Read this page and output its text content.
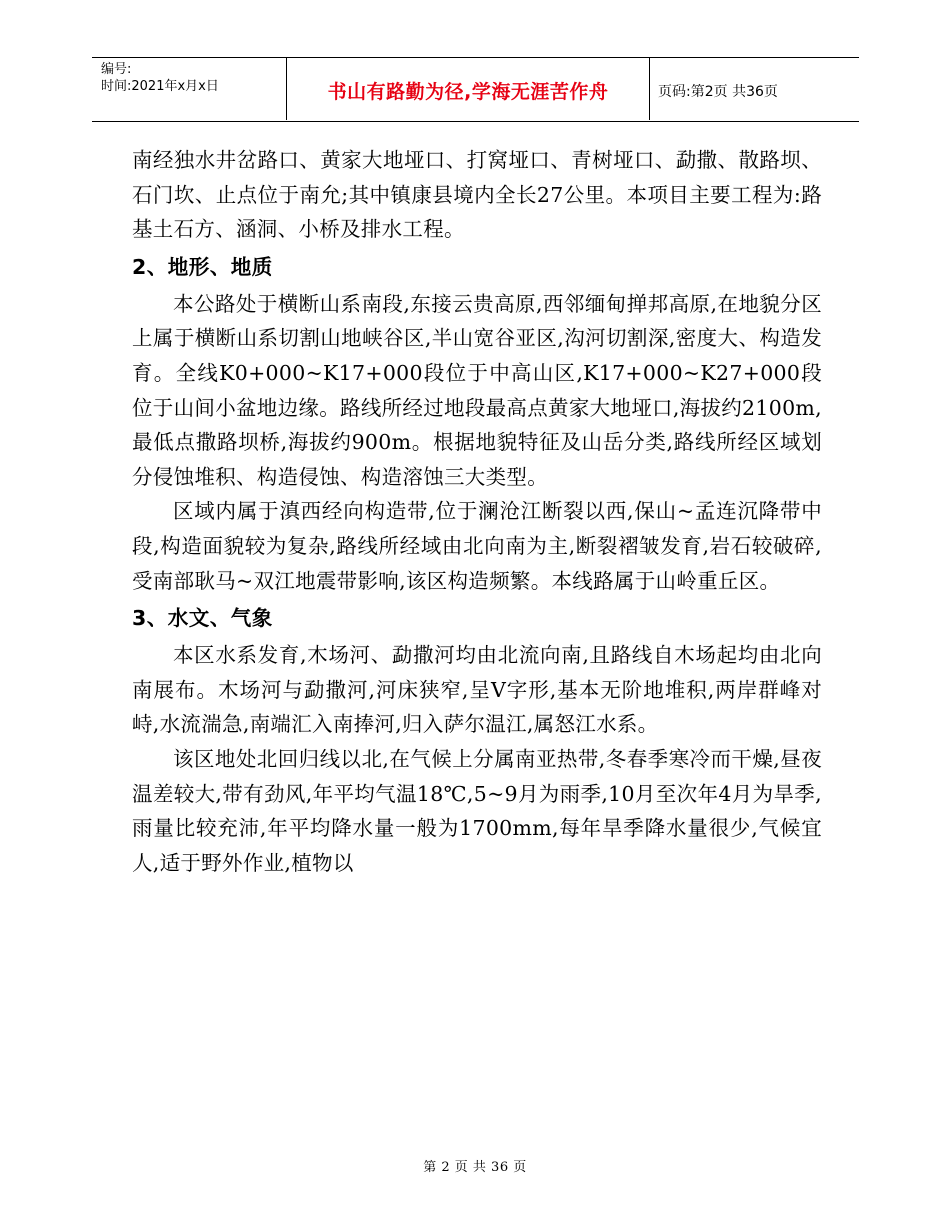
编号:
时间:2021年x月x日	书山有路勤为径,学海无涯苦作舟	页码:第2页 共36页

南经独水井岔路口、黄家大地垭口、打窝垭口、青树垭口、勐撒、散路坝、石门坎、止点位于南允;其中镇康县境内全长27公里。本项目主要工程为:路基土石方、涵洞、小桥及排水工程。

2、地形、地质

本公路处于横断山系南段,东接云贵高原,西邻缅甸掸邦高原,在地貌分区上属于横断山系切割山地峡谷区,半山宽谷亚区,沟河切割深,密度大、构造发育。全线K0+000~K17+000段位于中高山区,K17+000~K27+000段位于山间小盆地边缘。路线所经过地段最高点黄家大地垭口,海拔约2100m,最低点撒路坝桥,海拔约900m。根据地貌特征及山岳分类,路线所经区域划分侵蚀堆积、构造侵蚀、构造溶蚀三大类型。

区域内属于滇西经向构造带,位于澜沧江断裂以西,保山~孟连沉降带中段,构造面貌较为复杂,路线所经域由北向南为主,断裂褶皱发育,岩石较破碎,受南部耿马~双江地震带影响,该区构造频繁。本线路属于山岭重丘区。

3、水文、气象

本区水系发育,木场河、勐撒河均由北流向南,且路线自木场起均由北向南展布。木场河与勐撒河,河床狭窄,呈V字形,基本无阶地堆积,两岸群峰对峙,水流湍急,南端汇入南捧河,归入萨尔温江,属怒江水系。

该区地处北回归线以北,在气候上分属南亚热带,冬春季寒冷而干燥,昼夜温差较大,带有劲风,年平均气温18℃,5~9月为雨季,10月至次年4月为旱季,雨量比较充沛,年平均降水量一般为1700mm,每年旱季降水量很少,气候宜人,适于野外作业,植物以

第 2 页 共 36 页
